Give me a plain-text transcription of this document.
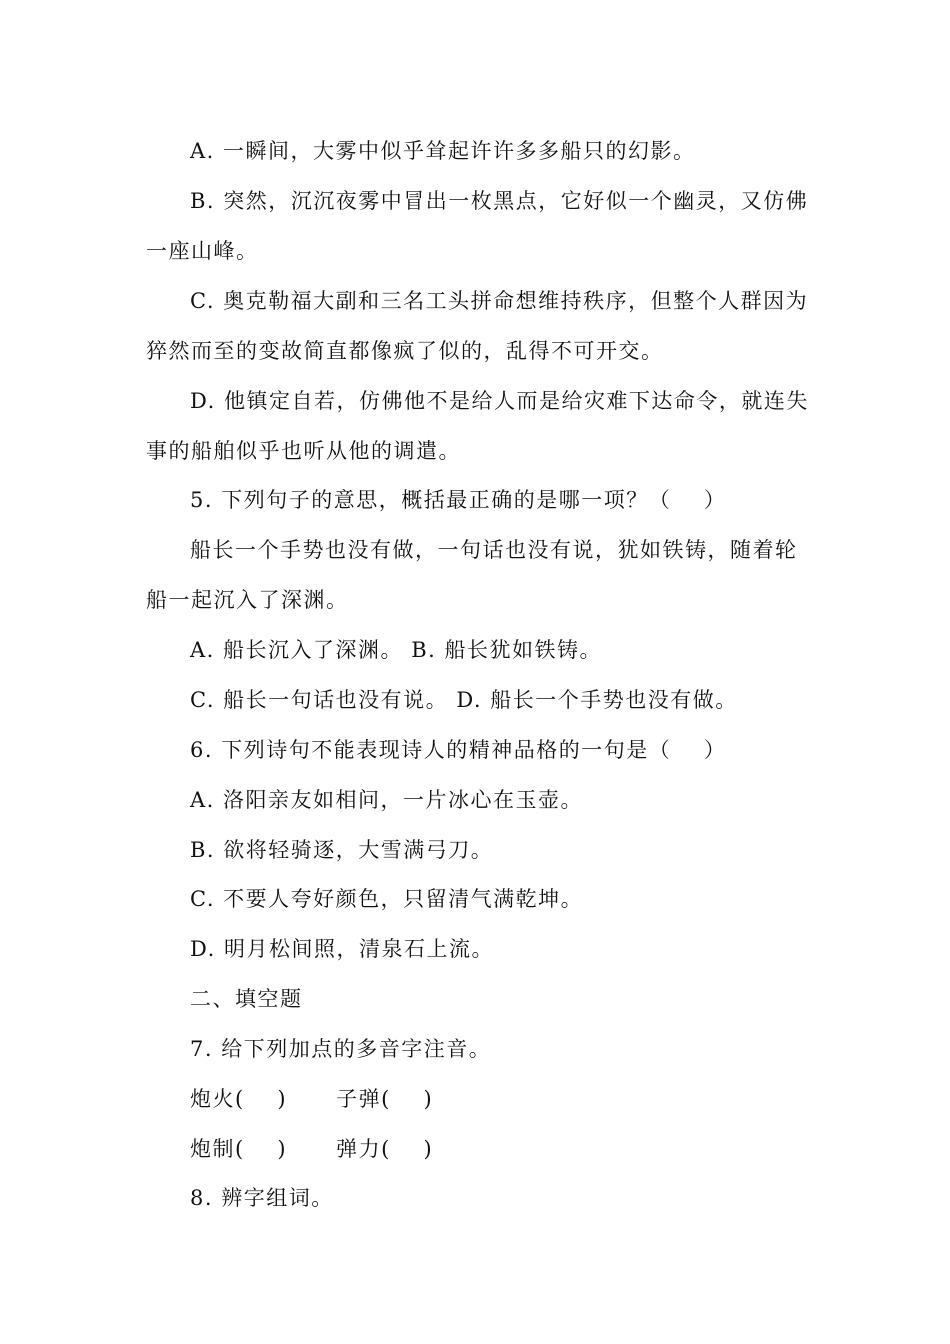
A. 一瞬间，大雾中似乎耸起许许多多船只的幻影。
B. 突然，沉沉夜雾中冒出一枚黑点，它好似一个幽灵，又仿佛
一座山峰。
C. 奥克勒福大副和三名工头拼命想维持秩序，但整个人群因为
猝然而至的变故简直都像疯了似的，乱得不可开交。
D. 他镇定自若，仿佛他不是给人而是给灾难下达命令，就连失
事的船舶似乎也听从他的调遣。
5. 下列句子的意思，概括最正确的是哪一项？（    ）
船长一个手势也没有做，一句话也没有说，犹如铁铸，随着轮
船一起沉入了深渊。
A. 船长沉入了深渊。 B. 船长犹如铁铸。
C. 船长一句话也没有说。 D. 船长一个手势也没有做。
6. 下列诗句不能表现诗人的精神品格的一句是（    ）
A. 洛阳亲友如相问，一片冰心在玉壶。
B. 欲将轻骑逐，大雪满弓刀。
C. 不要人夸好颜色，只留清气满乾坤。
D. 明月松间照，清泉石上流。
二、填空题
7. 给下列加点的多音字注音。
炮火(    )      子弹(    )
炮制(    )      弹力(    )
8. 辨字组词。
